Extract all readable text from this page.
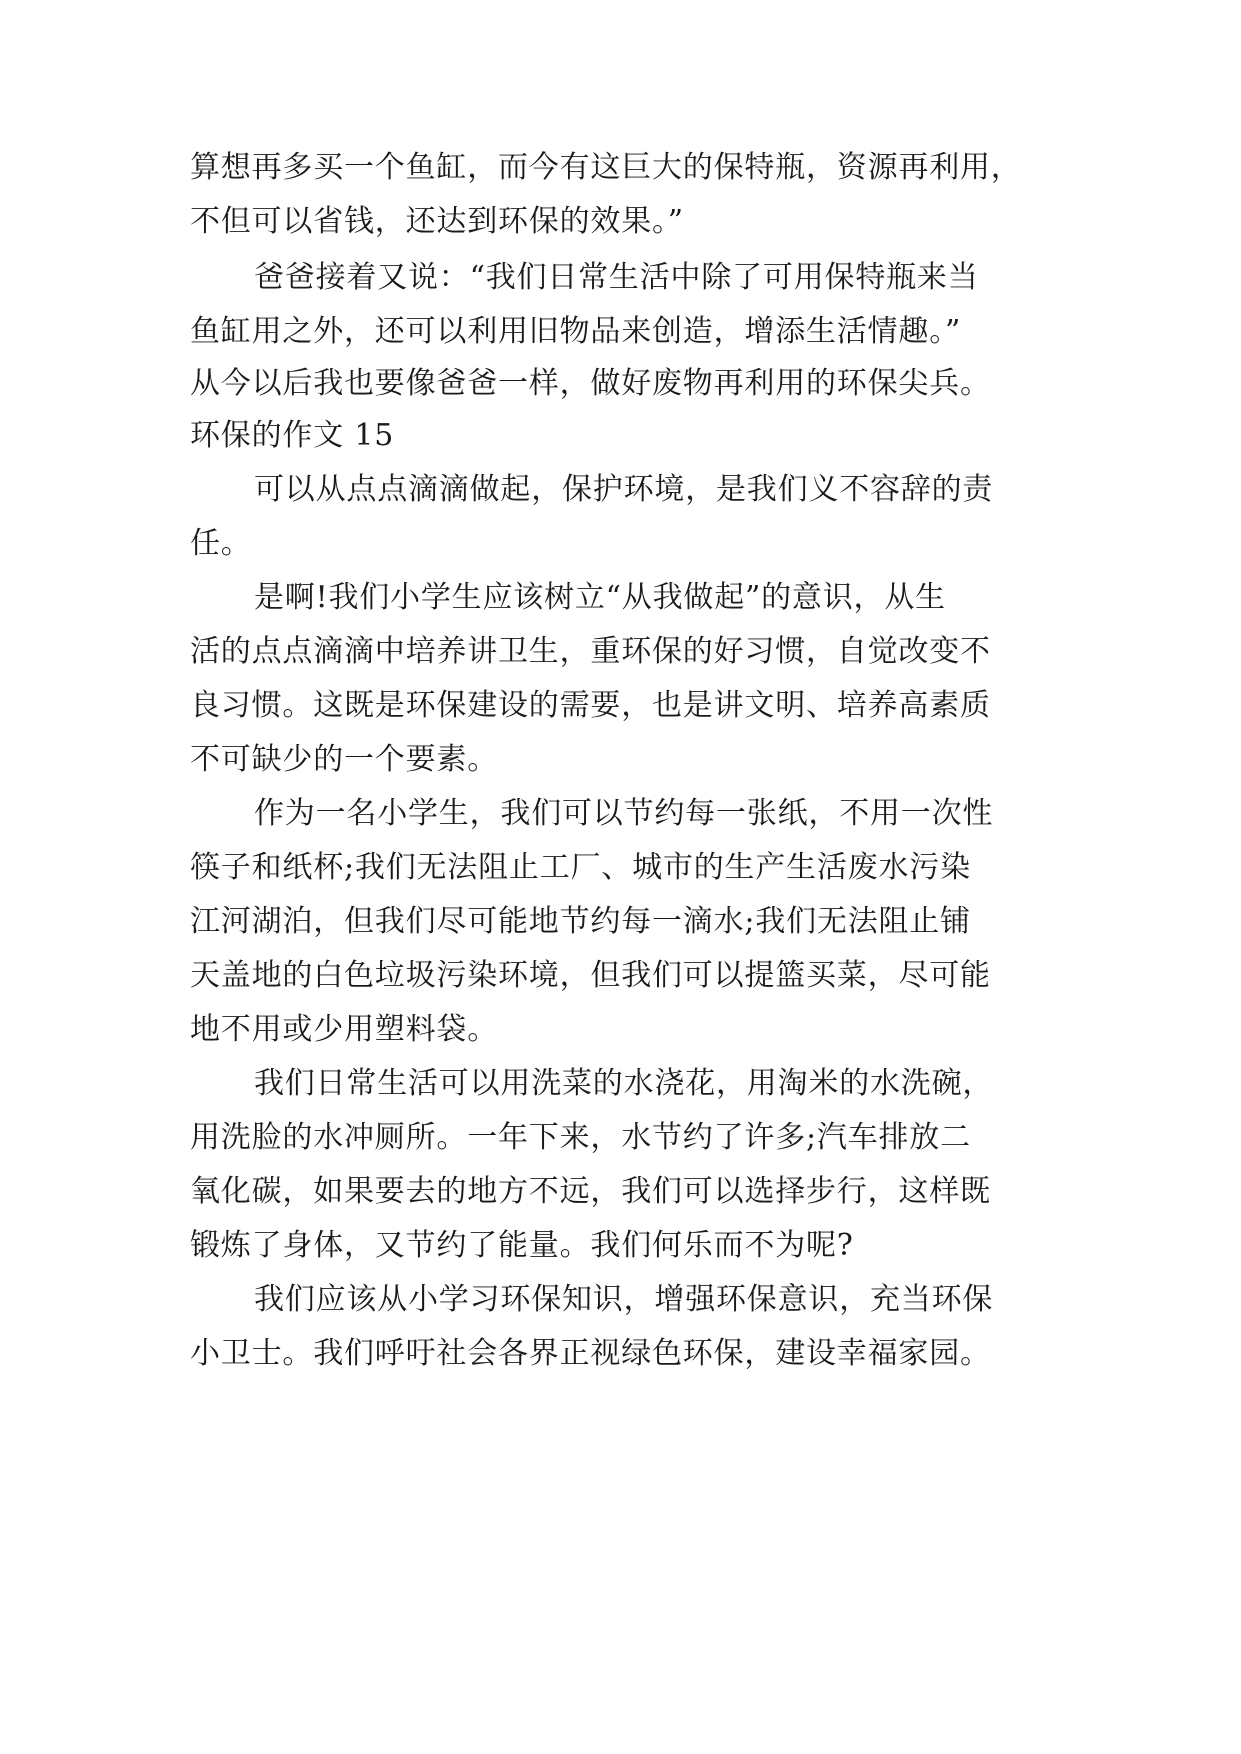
算想再多买一个鱼缸，而今有这巨大的保特瓶，资源再利用，
不但可以省钱，还达到环保的效果。”
爸爸接着又说：“我们日常生活中除了可用保特瓶来当
鱼缸用之外，还可以利用旧物品来创造，增添生活情趣。”
从今以后我也要像爸爸一样，做好废物再利用的环保尖兵。
环保的作文 15
可以从点点滴滴做起，保护环境，是我们义不容辞的责
任。
是啊!我们小学生应该树立“从我做起”的意识，从生
活的点点滴滴中培养讲卫生，重环保的好习惯，自觉改变不
良习惯。这既是环保建设的需要，也是讲文明、培养高素质
不可缺少的一个要素。
作为一名小学生，我们可以节约每一张纸，不用一次性
筷子和纸杯;我们无法阻止工厂、城市的生产生活废水污染
江河湖泊，但我们尽可能地节约每一滴水;我们无法阻止铺
天盖地的白色垃圾污染环境，但我们可以提篮买菜，尽可能
地不用或少用塑料袋。
我们日常生活可以用洗菜的水浇花，用淘米的水洗碗，
用洗脸的水冲厕所。一年下来，水节约了许多;汽车排放二
氧化碳，如果要去的地方不远，我们可以选择步行，这样既
锻炼了身体，又节约了能量。我们何乐而不为呢?
我们应该从小学习环保知识，增强环保意识，充当环保
小卫士。我们呼吁社会各界正视绿色环保，建设幸福家园。
